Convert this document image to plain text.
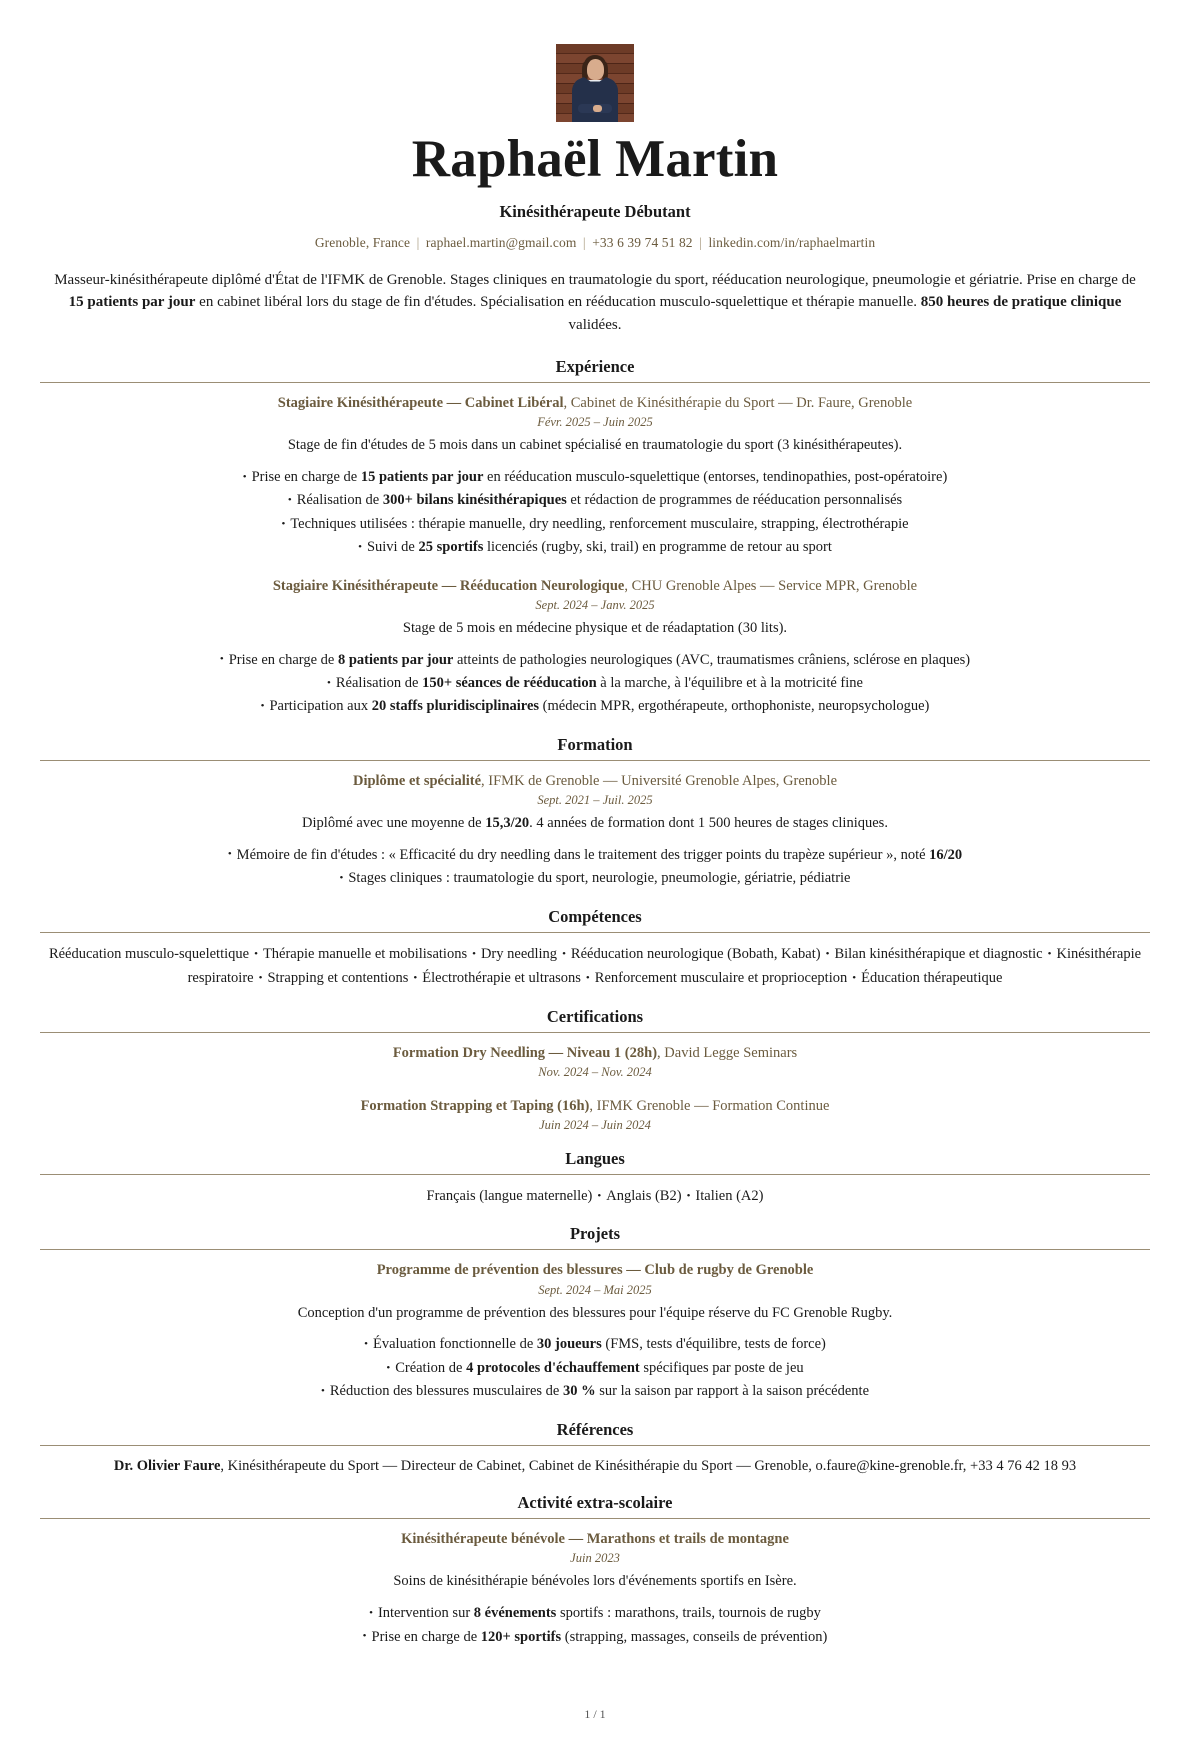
Raphaël Martin
Kinésithérapeute Débutant
Grenoble, France | raphael.martin@gmail.com | +33 6 39 74 51 82 | linkedin.com/in/raphaelmartin
Masseur-kinésithérapeute diplômé d'État de l'IFMK de Grenoble. Stages cliniques en traumatologie du sport, rééducation neurologique, pneumologie et gériatrie. Prise en charge de 15 patients par jour en cabinet libéral lors du stage de fin d'études. Spécialisation en rééducation musculo-squelettique et thérapie manuelle. 850 heures de pratique clinique validées.
Expérience
Stagiaire Kinésithérapeute — Cabinet Libéral, Cabinet de Kinésithérapie du Sport — Dr. Faure, Grenoble
Févr. 2025 – Juin 2025
Stage de fin d'études de 5 mois dans un cabinet spécialisé en traumatologie du sport (3 kinésithérapeutes).
• Prise en charge de 15 patients par jour en rééducation musculo-squelettique (entorses, tendinopathies, post-opératoire)
• Réalisation de 300+ bilans kinésithérapiques et rédaction de programmes de rééducation personnalisés
• Techniques utilisées : thérapie manuelle, dry needling, renforcement musculaire, strapping, électrothérapie
• Suivi de 25 sportifs licenciés (rugby, ski, trail) en programme de retour au sport
Stagiaire Kinésithérapeute — Rééducation Neurologique, CHU Grenoble Alpes — Service MPR, Grenoble
Sept. 2024 – Janv. 2025
Stage de 5 mois en médecine physique et de réadaptation (30 lits).
• Prise en charge de 8 patients par jour atteints de pathologies neurologiques (AVC, traumatismes crâniens, sclérose en plaques)
• Réalisation de 150+ séances de rééducation à la marche, à l'équilibre et à la motricité fine
• Participation aux 20 staffs pluridisciplinaires (médecin MPR, ergothérapeute, orthophoniste, neuropsychologue)
Formation
Diplôme et spécialité, IFMK de Grenoble — Université Grenoble Alpes, Grenoble
Sept. 2021 – Juil. 2025
Diplômé avec une moyenne de 15,3/20. 4 années de formation dont 1 500 heures de stages cliniques.
• Mémoire de fin d'études : « Efficacité du dry needling dans le traitement des trigger points du trapèze supérieur », noté 16/20
• Stages cliniques : traumatologie du sport, neurologie, pneumologie, gériatrie, pédiatrie
Compétences
Rééducation musculo-squelettique • Thérapie manuelle et mobilisations • Dry needling • Rééducation neurologique (Bobath, Kabat) • Bilan kinésithérapique et diagnostic • Kinésithérapie respiratoire • Strapping et contentions • Électrothérapie et ultrasons • Renforcement musculaire et proprioception • Éducation thérapeutique
Certifications
Formation Dry Needling — Niveau 1 (28h), David Legge Seminars
Nov. 2024 – Nov. 2024
Formation Strapping et Taping (16h), IFMK Grenoble — Formation Continue
Juin 2024 – Juin 2024
Langues
Français (langue maternelle) • Anglais (B2) • Italien (A2)
Projets
Programme de prévention des blessures — Club de rugby de Grenoble
Sept. 2024 – Mai 2025
Conception d'un programme de prévention des blessures pour l'équipe réserve du FC Grenoble Rugby.
• Évaluation fonctionnelle de 30 joueurs (FMS, tests d'équilibre, tests de force)
• Création de 4 protocoles d'échauffement spécifiques par poste de jeu
• Réduction des blessures musculaires de 30 % sur la saison par rapport à la saison précédente
Références
Dr. Olivier Faure, Kinésithérapeute du Sport — Directeur de Cabinet, Cabinet de Kinésithérapie du Sport — Grenoble, o.faure@kine-grenoble.fr, +33 4 76 42 18 93
Activité extra-scolaire
Kinésithérapeute bénévole — Marathons et trails de montagne
Juin 2023
Soins de kinésithérapie bénévoles lors d'événements sportifs en Isère.
• Intervention sur 8 événements sportifs : marathons, trails, tournois de rugby
• Prise en charge de 120+ sportifs (strapping, massages, conseils de prévention)
1 / 1
